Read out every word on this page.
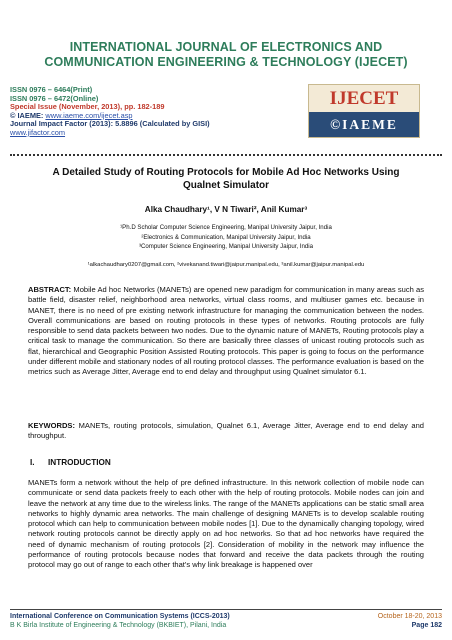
INTERNATIONAL JOURNAL OF ELECTRONICS AND
COMMUNICATION ENGINEERING & TECHNOLOGY (IJECET)
ISSN 0976 – 6464(Print)
ISSN 0976 – 6472(Online)
Special Issue (November, 2013), pp. 182-189
© IAEME: www.iaeme.com/ijecet.asp
Journal Impact Factor (2013): 5.8896 (Calculated by GISI)
www.jifactor.com
IJECET
©IAEME
A Detailed Study of Routing Protocols for Mobile Ad Hoc Networks Using
Qualnet Simulator
Alka Chaudhary¹, V N Tiwari², Anil Kumar³
¹Ph.D Scholar Computer Science Engineering, Manipal University Jaipur, India
²Electronics & Communication, Manipal University Jaipur, India
³Computer Science Engineering, Manipal University Jaipur, India
¹alkachaudhary0207@gmail.com, ²vivekanand.tiwari@jaipur.manipal.edu, ³anil.kumar@jaipur.manipal.edu
ABSTRACT: Mobile Ad hoc Networks (MANETs) are opened new paradigm for communication in many areas such as battle field, disaster relief, neighborhood area networks, virtual class rooms, and multiuser games etc. because in MANET, there is no need of pre existing network infrastructure for managing the communication between the nodes. Overall communications are based on routing protocols in these types of networks. Routing protocols are fully responsible to send data packets between two nodes. Due to the dynamic nature of MANETs, Routing protocols play a critical task to manage the communication. So there are basically three classes of unicast routing protocols such as flat, hierarchical and Geographic Position Assisted Routing protocols. This paper is going to focus on the performance under different mobile and stationary nodes of all routing protocol classes. The performance evaluation is based on the metrics such as Average Jitter, Average end to end delay and throughput using Qualnet simulator 6.1.
KEYWORDS: MANETs, routing protocols, simulation, Qualnet 6.1, Average Jitter, Average end to end delay and throughput.
I. INTRODUCTION
MANETs form a network without the help of pre defined infrastructure. In this network collection of mobile node can communicate or send data packets freely to each other with the help of routing protocols. Mobile nodes can join and leave the network at any time due to the wireless links. The range of the MANETs applications can be static small area networks to highly dynamic area networks. The main challenge of designing MANETs is to develop scalable routing protocol which can help to communication between mobile nodes [1]. Due to the dynamically changing topology, wired network routing protocols cannot be directly apply on ad hoc networks. So that ad hoc networks have required the need of dynamic mechanism of routing protocols [2]. Consideration of mobility in the network may influence the performance of routing protocols because nodes that forward and receive the data packets through the routing protocol may go out of range to each other that's why link breakage is happened over
International Conference on Communication Systems (ICCS-2013)
B K Birla Institute of Engineering & Technology (BKBIET), Pilani, India
October 18-20, 2013
Page 182
